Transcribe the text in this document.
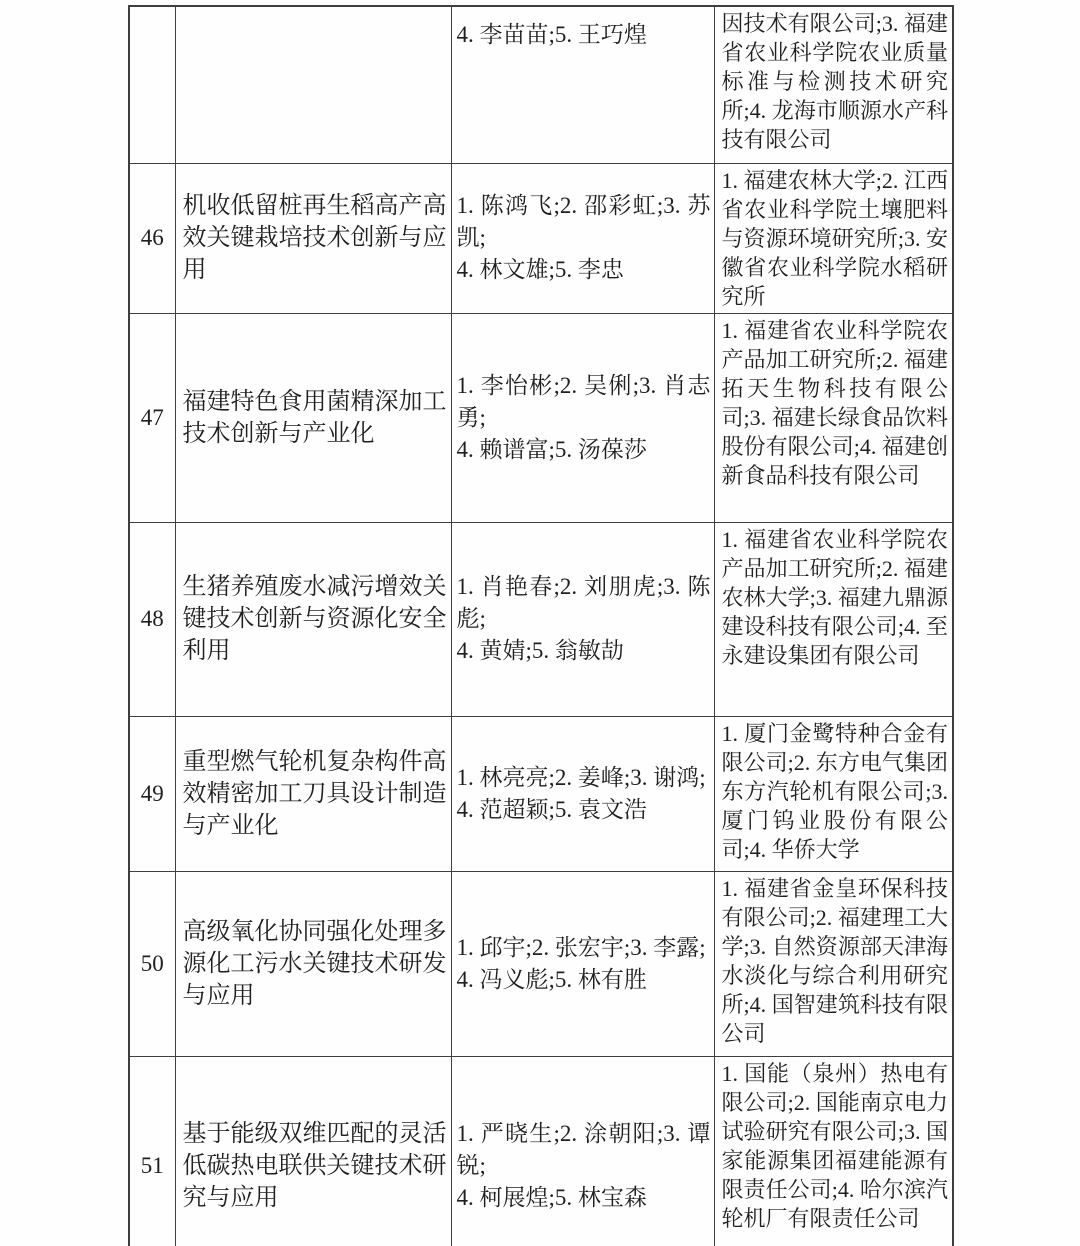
		4. 李苗苗;5. 王巧煌	因技术有限公司;3. 福建省农业科学院农业质量标准与检测技术研究所;4. 龙海市顺源水产科技有限公司

46	机收低留桩再生稻高产高效关键栽培技术创新与应用	1. 陈鸿飞;2. 邵彩虹;3. 苏凯;
4. 林文雄;5. 李忠	1. 福建农林大学;2. 江西省农业科学院土壤肥料与资源环境研究所;3. 安徽省农业科学院水稻研究所

47	福建特色食用菌精深加工技术创新与产业化	1. 李怡彬;2. 吴俐;3. 肖志勇;
4. 赖谱富;5. 汤葆莎	1. 福建省农业科学院农产品加工研究所;2. 福建拓天生物科技有限公司;3. 福建长绿食品饮料股份有限公司;4. 福建创新食品科技有限公司

48	生猪养殖废水减污增效关键技术创新与资源化安全利用	1. 肖艳春;2. 刘朋虎;3. 陈彪;
4. 黄婧;5. 翁敏劼	1. 福建省农业科学院农产品加工研究所;2. 福建农林大学;3. 福建九鼎源建设科技有限公司;4. 至永建设集团有限公司

49	重型燃气轮机复杂构件高效精密加工刀具设计制造与产业化	1. 林亮亮;2. 姜峰;3. 谢鸿;
4. 范超颖;5. 袁文浩	1. 厦门金鹭特种合金有限公司;2. 东方电气集团东方汽轮机有限公司;3. 厦门钨业股份有限公司;4. 华侨大学

50	高级氧化协同强化处理多源化工污水关键技术研发与应用	1. 邱宇;2. 张宏宇;3. 李露;
4. 冯义彪;5. 林有胜	1. 福建省金皇环保科技有限公司;2. 福建理工大学;3. 自然资源部天津海水淡化与综合利用研究所;4. 国智建筑科技有限公司

51	基于能级双维匹配的灵活低碳热电联供关键技术研究与应用	1. 严晓生;2. 涂朝阳;3. 谭锐;
4. 柯展煌;5. 林宝森	1. 国能（泉州）热电有限公司;2. 国能南京电力试验研究有限公司;3. 国家能源集团福建能源有限责任公司;4. 哈尔滨汽轮机厂有限责任公司
